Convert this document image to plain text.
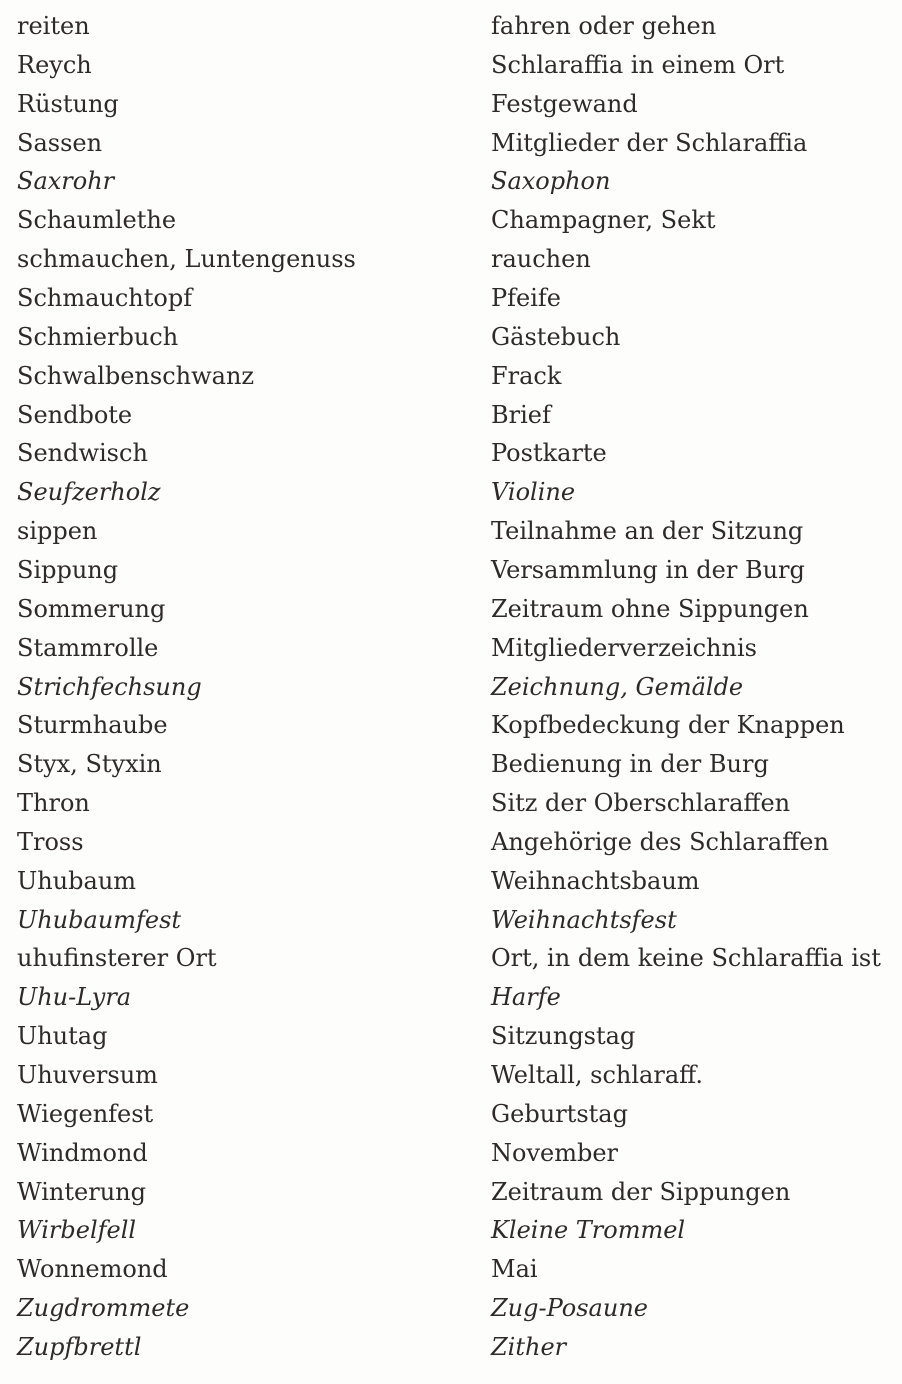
reiten	fahren oder gehen
Reych	Schlaraffia in einem Ort
Rüstung	Festgewand
Sassen	Mitglieder der Schlaraffia
Saxrohr	Saxophon
Schaumlethe	Champagner, Sekt
schmauchen, Luntengenuss	rauchen
Schmauchtopf	Pfeife
Schmierbuch	Gästebuch
Schwalbenschwanz	Frack
Sendbote	Brief
Sendwisch	Postkarte
Seufzerholz	Violine
sippen	Teilnahme an der Sitzung
Sippung	Versammlung in der Burg
Sommerung	Zeitraum ohne Sippungen
Stammrolle	Mitgliederverzeichnis
Strichfechsung	Zeichnung, Gemälde
Sturmhaube	Kopfbedeckung der Knappen
Styx, Styxin	Bedienung in der Burg
Thron	Sitz der Oberschlaraffen
Tross	Angehörige des Schlaraffen
Uhubaum	Weihnachtsbaum
Uhubaumfest	Weihnachtsfest
uhufinsterer Ort	Ort, in dem keine Schlaraffia ist
Uhu-Lyra	Harfe
Uhutag	Sitzungstag
Uhuversum	Weltall, schlaraff.
Wiegenfest	Geburtstag
Windmond	November
Winterung	Zeitraum der Sippungen
Wirbelfell	Kleine Trommel
Wonnemond	Mai
Zugdrommete	Zug-Posaune
Zupfbrettl	Zither
